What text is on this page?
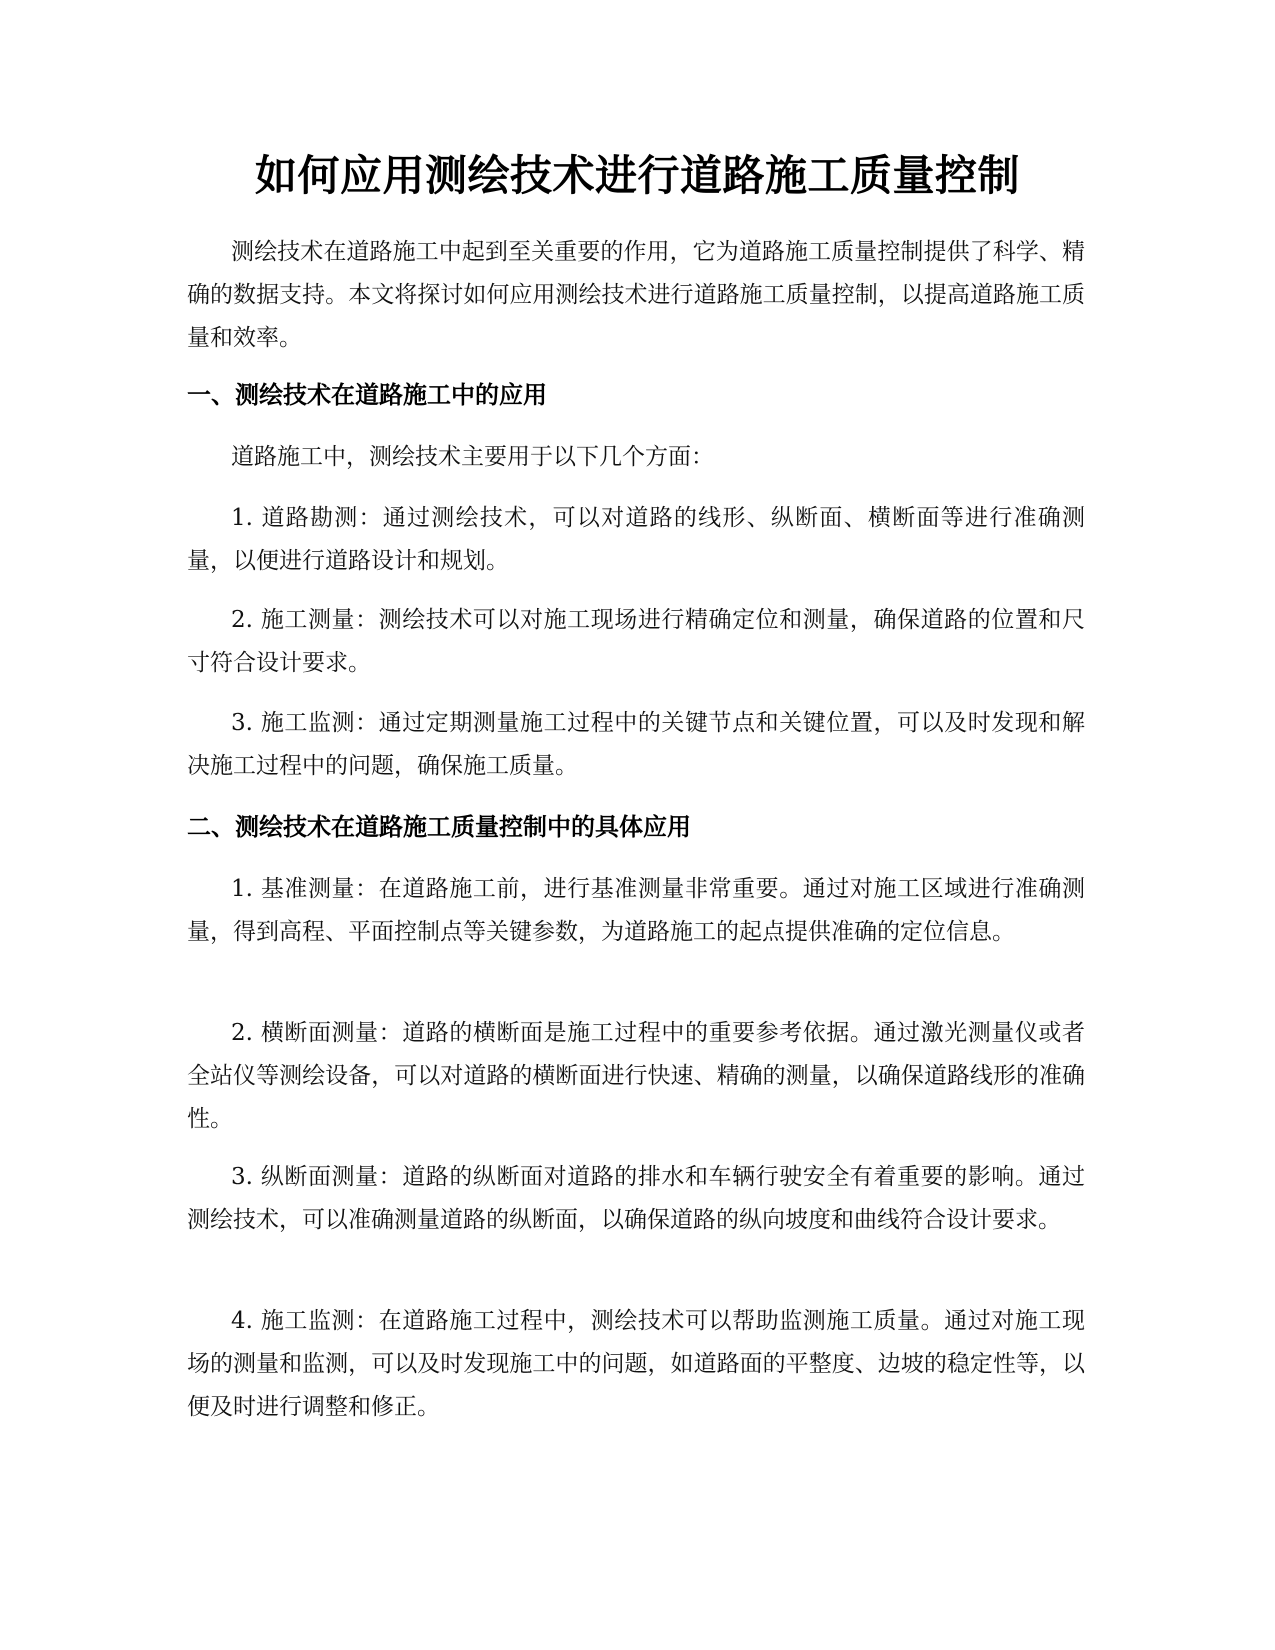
如何应用测绘技术进行道路施工质量控制
测绘技术在道路施工中起到至关重要的作用，它为道路施工质量控制提供了科学、精确的数据支持。本文将探讨如何应用测绘技术进行道路施工质量控制，以提高道路施工质量和效率。
一、测绘技术在道路施工中的应用
道路施工中，测绘技术主要用于以下几个方面：
1. 道路勘测：通过测绘技术，可以对道路的线形、纵断面、横断面等进行准确测量，以便进行道路设计和规划。
2. 施工测量：测绘技术可以对施工现场进行精确定位和测量，确保道路的位置和尺寸符合设计要求。
3. 施工监测：通过定期测量施工过程中的关键节点和关键位置，可以及时发现和解决施工过程中的问题，确保施工质量。
二、测绘技术在道路施工质量控制中的具体应用
1. 基准测量：在道路施工前，进行基准测量非常重要。通过对施工区域进行准确测量，得到高程、平面控制点等关键参数，为道路施工的起点提供准确的定位信息。
2. 横断面测量：道路的横断面是施工过程中的重要参考依据。通过激光测量仪或者全站仪等测绘设备，可以对道路的横断面进行快速、精确的测量，以确保道路线形的准确性。
3. 纵断面测量：道路的纵断面对道路的排水和车辆行驶安全有着重要的影响。通过测绘技术，可以准确测量道路的纵断面，以确保道路的纵向坡度和曲线符合设计要求。
4. 施工监测：在道路施工过程中，测绘技术可以帮助监测施工质量。通过对施工现场的测量和监测，可以及时发现施工中的问题，如道路面的平整度、边坡的稳定性等，以便及时进行调整和修正。
